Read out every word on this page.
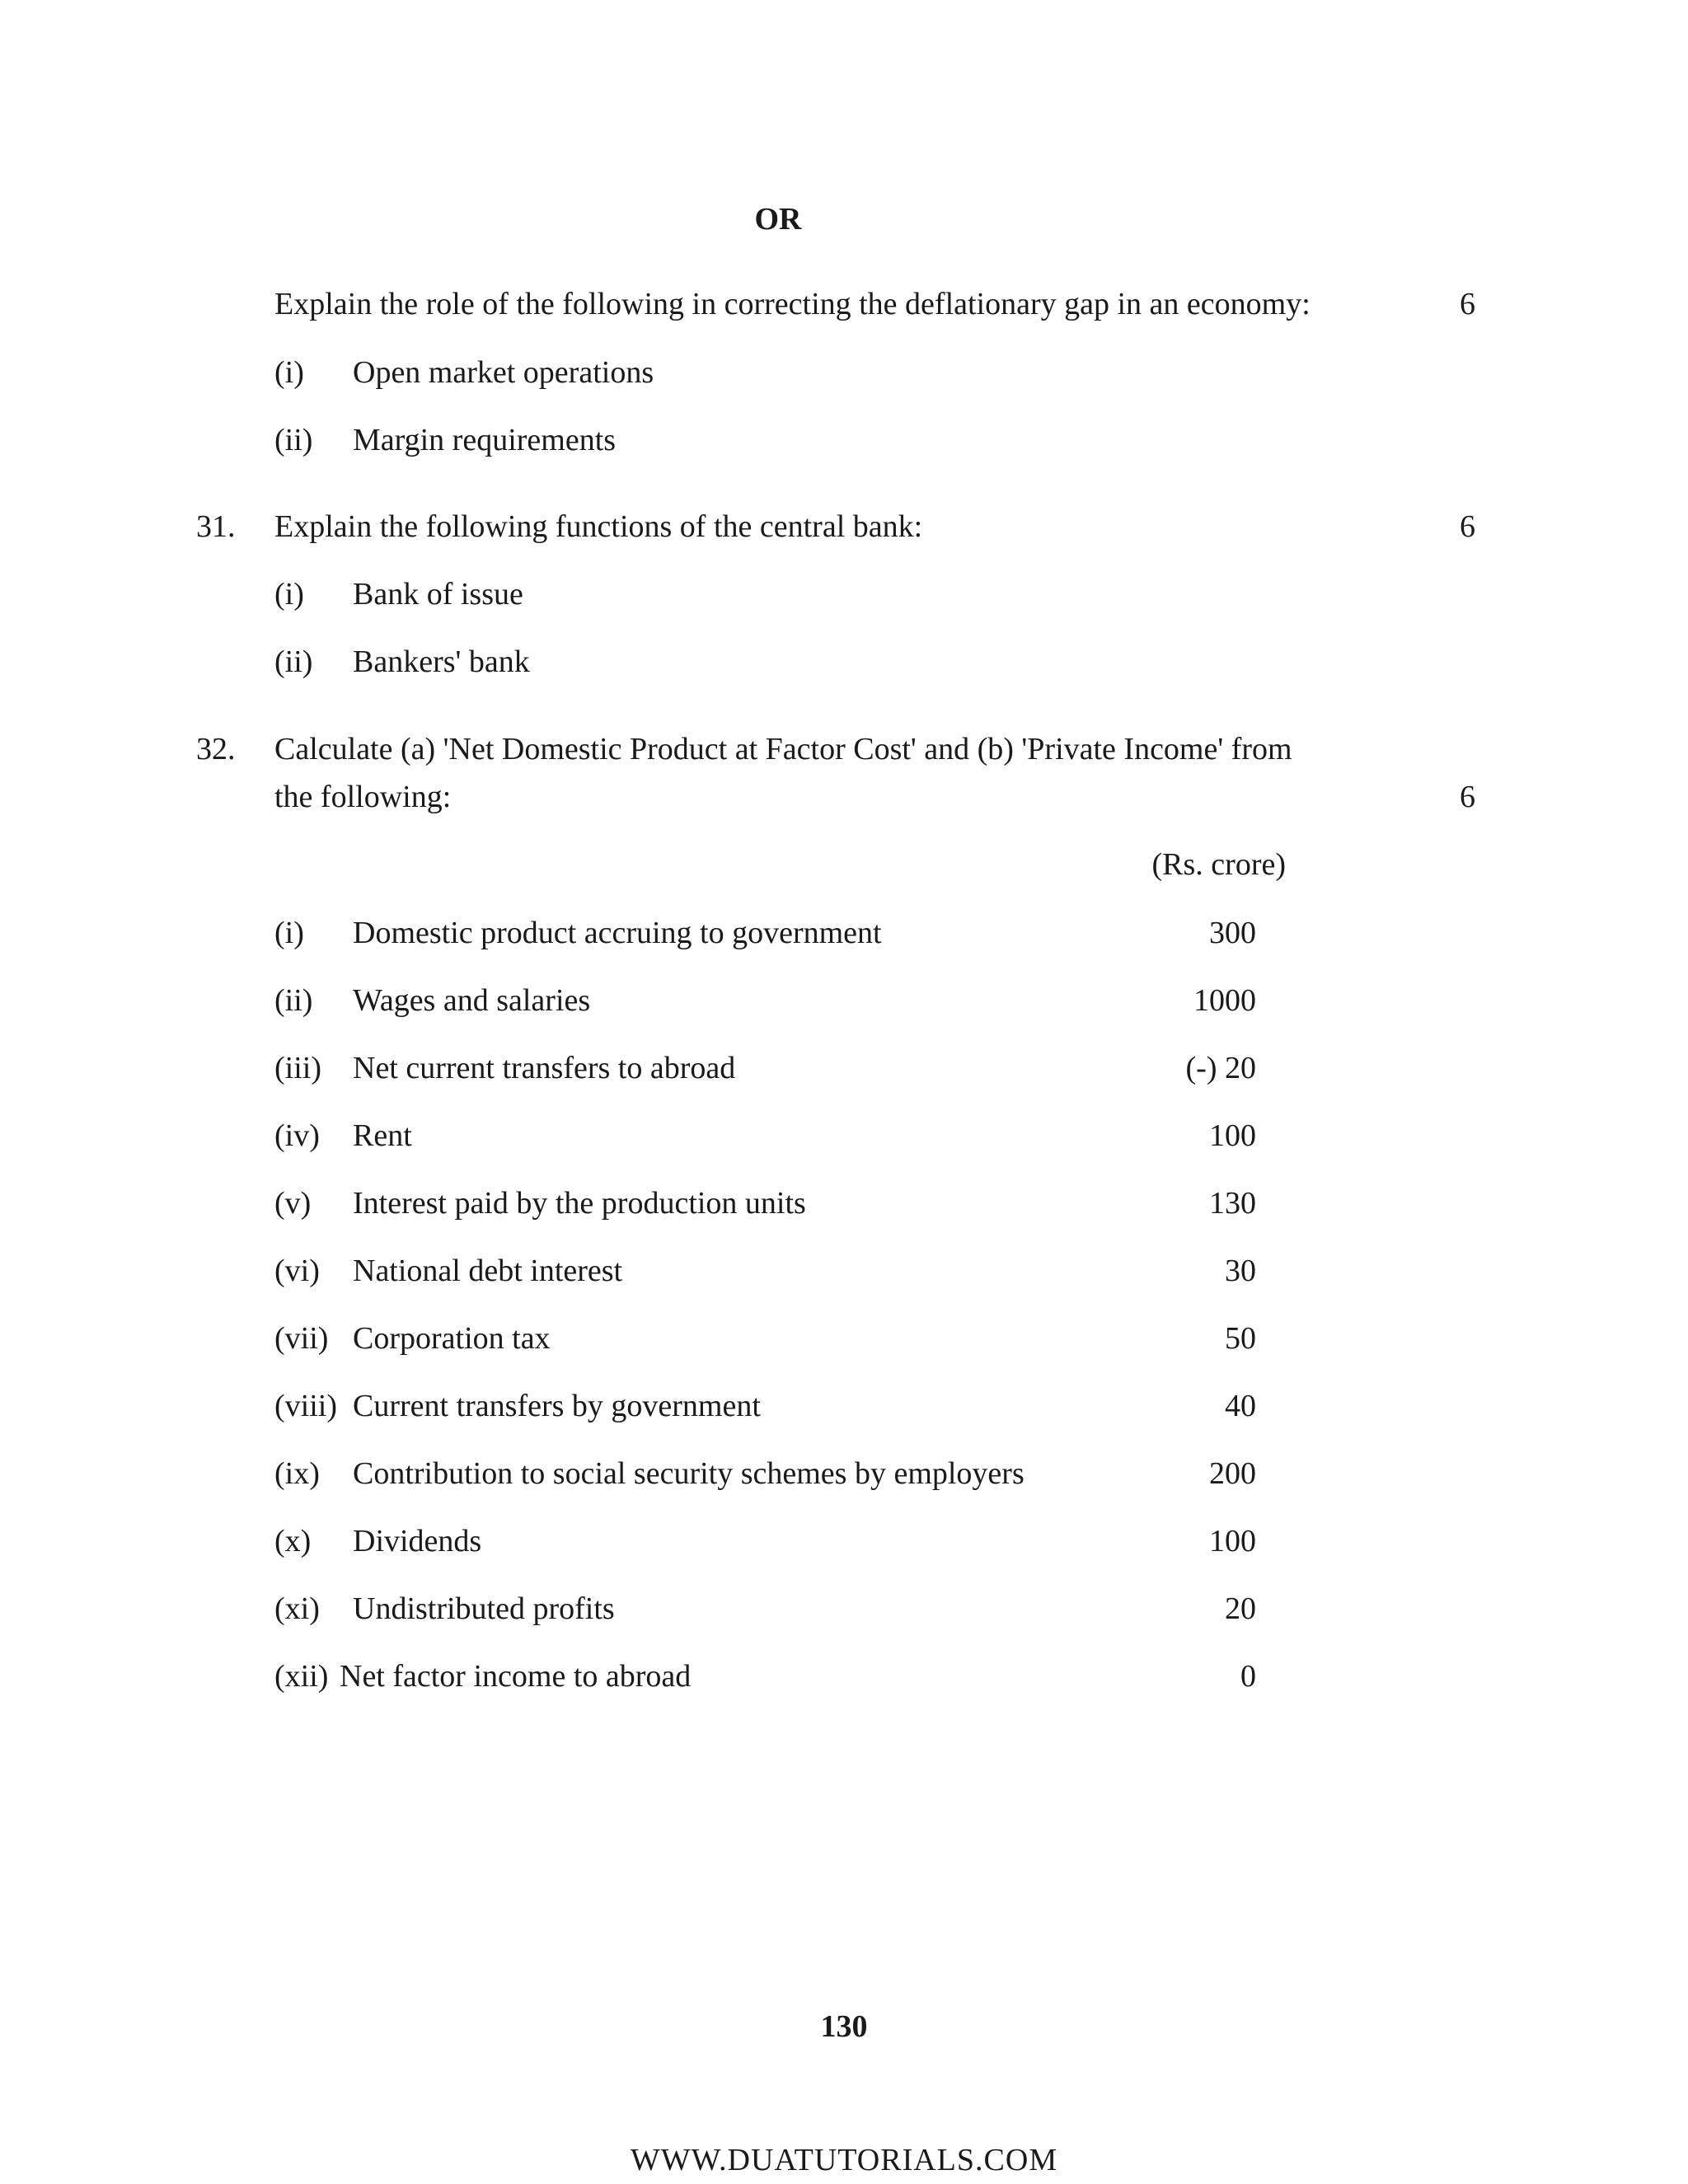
OR
Explain the role of the following in correcting the deflationary gap in an economy:	6
(i) Open market operations
(ii) Margin requirements
31. Explain the following functions of the central bank:	6
(i) Bank of issue
(ii) Bankers' bank
32. Calculate (a) 'Net Domestic Product at Factor Cost' and (b) 'Private Income' from
the following:	6
(Rs. crore)
(i) Domestic product accruing to government	300
(ii) Wages and salaries	1000
(iii) Net current transfers to abroad	(-) 20
(iv) Rent	100
(v) Interest paid by the production units	130
(vi) National debt interest	30
(vii) Corporation tax	50
(viii) Current transfers by government	40
(ix) Contribution to social security schemes by employers	200
(x) Dividends	100
(xi) Undistributed profits	20
(xii) Net factor income to abroad	0
130
WWW.DUATUTORIALS.COM
